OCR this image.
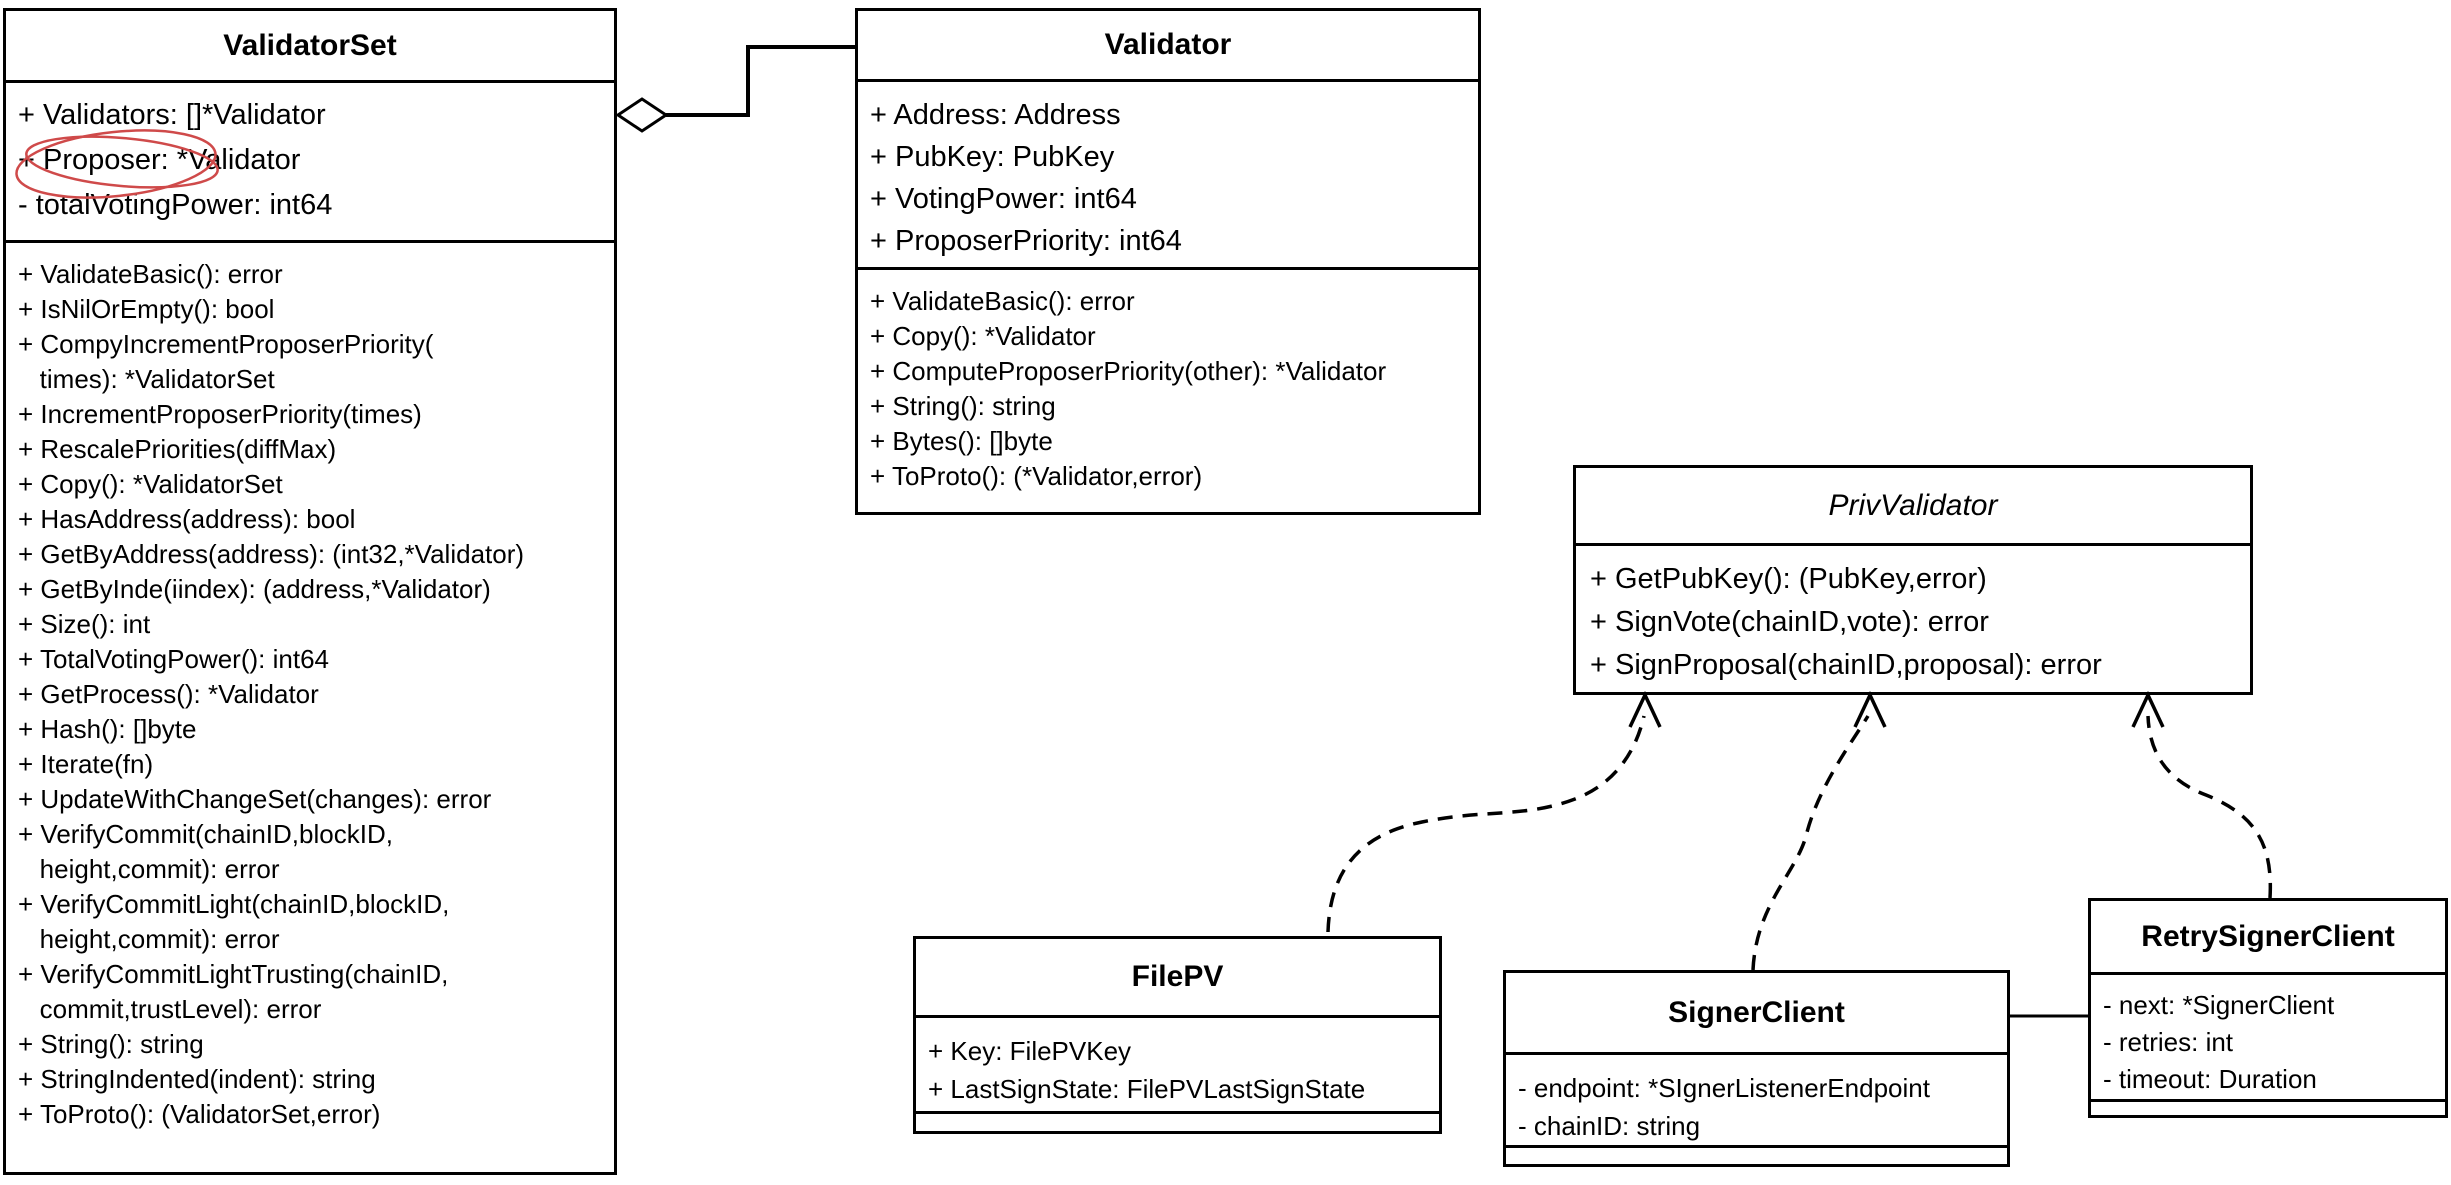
ValidatorSet
+ Validators: []*Validator
+ Proposer: *Validator
- totalVotingPower: int64
+ ValidateBasic(): error
+ IsNilOrEmpty(): bool
+ CompyIncrementProposerPriority(
times): *ValidatorSet
+ IncrementProposerPriority(times)
+ RescalePriorities(diffMax)
+ Copy(): *ValidatorSet
+ HasAddress(address): bool
+ GetByAddress(address): (int32,*Validator)
+ GetByInde(iindex): (address,*Validator)
+ Size(): int
+ TotalVotingPower(): int64
+ GetProcess(): *Validator
+ Hash(): []byte
+ Iterate(fn)
+ UpdateWithChangeSet(changes): error
+ VerifyCommit(chainID,blockID,
height,commit): error
+ VerifyCommitLight(chainID,blockID,
height,commit): error
+ VerifyCommitLightTrusting(chainID,
commit,trustLevel): error
+ String(): string
+ StringIndented(indent): string
+ ToProto(): (ValidatorSet,error)
Validator
+ Address: Address
+ PubKey: PubKey
+ VotingPower: int64
+ ProposerPriority: int64
+ ValidateBasic(): error
+ Copy(): *Validator
+ ComputeProposerPriority(other): *Validator
+ String(): string
+ Bytes(): []byte
+ ToProto(): (*Validator,error)
PrivValidator
+ GetPubKey(): (PubKey,error)
+ SignVote(chainID,vote): error
+ SignProposal(chainID,proposal): error
FilePV
+ Key: FilePVKey
+ LastSignState: FilePVLastSignState
SignerClient
- endpoint: *SIgnerListenerEndpoint
- chainID: string
RetrySignerClient
- next: *SignerClient
- retries: int
- timeout: Duration
